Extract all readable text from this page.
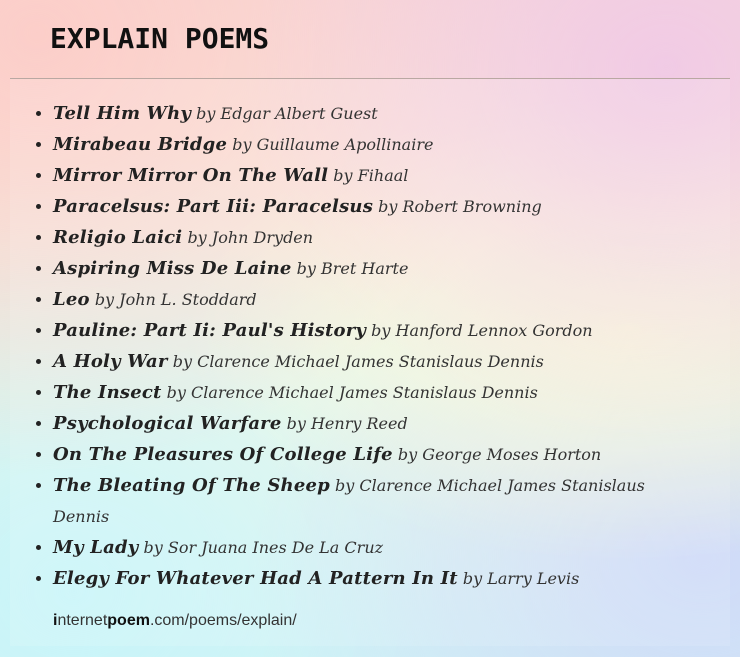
EXPLAIN POEMS
• Tell Him Why by Edgar Albert Guest
• Mirabeau Bridge by Guillaume Apollinaire
• Mirror Mirror On The Wall by Fihaal
• Paracelsus: Part Iii: Paracelsus by Robert Browning
• Religio Laici by John Dryden
• Aspiring Miss De Laine by Bret Harte
• Leo by John L. Stoddard
• Pauline: Part Ii: Paul's History by Hanford Lennox Gordon
• A Holy War by Clarence Michael James Stanislaus Dennis
• The Insect by Clarence Michael James Stanislaus Dennis
• Psychological Warfare by Henry Reed
• On The Pleasures Of College Life by George Moses Horton
• The Bleating Of The Sheep by Clarence Michael James Stanislaus Dennis
• My Lady by Sor Juana Ines De La Cruz
• Elegy For Whatever Had A Pattern In It by Larry Levis
internetpoem.com/poems/explain/
